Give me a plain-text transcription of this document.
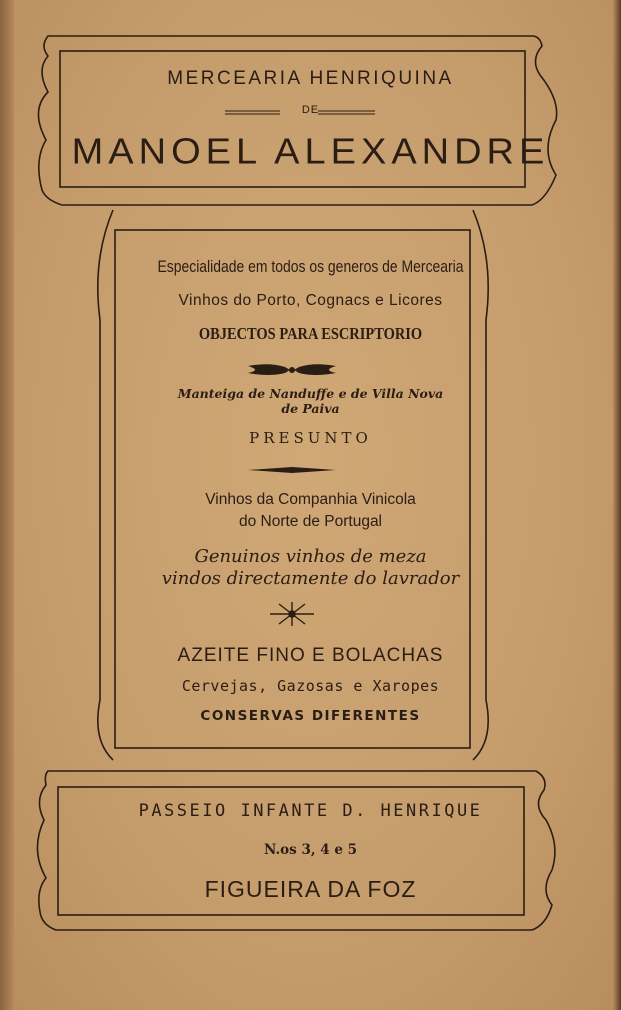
MERCEARIA HENRIQUINA
DE
MANOEL ALEXANDRE
Especialidade em todos os generos de Mercearia
Vinhos do Porto, Cognacs e Licores
OBJECTOS PARA ESCRIPTORIO
Manteiga de Nanduffe e de Villa Nova
de Paiva
PRESUNTO
Vinhos da Companhia Vinicola
do Norte de Portugal
Genuinos vinhos de meza
vindos directamente do lavrador
AZEITE FINO E BOLACHAS
Cervejas, Gazosas e Xaropes
CONSERVAS DIFERENTES
PASSEIO INFANTE D. HENRIQUE
N.os 3, 4 e 5
FIGUEIRA DA FOZ
